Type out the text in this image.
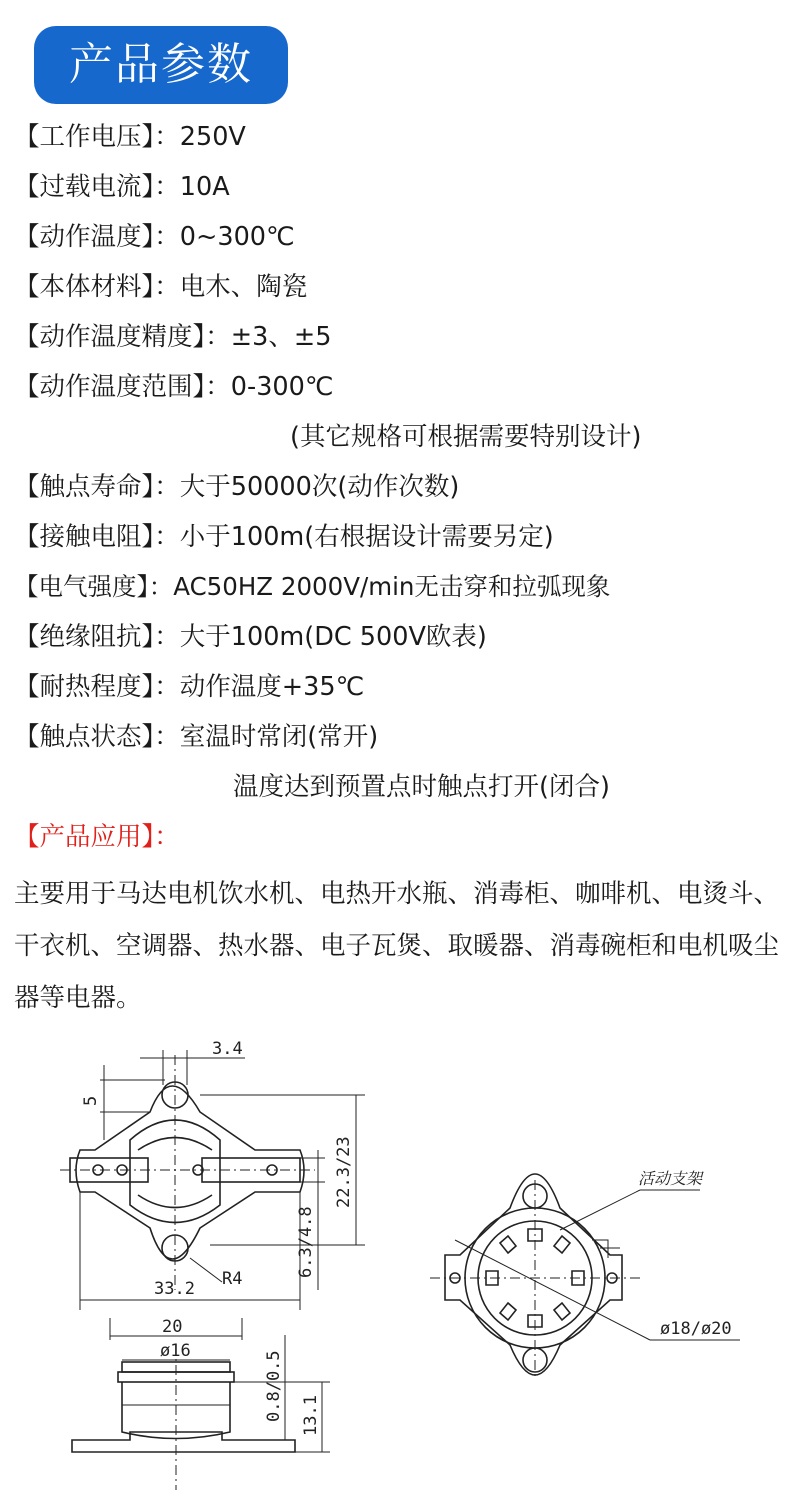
产品参数
【工作电压】：250V
【过载电流】：10A
【动作温度】：0~300℃
【本体材料】：电木、陶瓷
【动作温度精度】：±3、±5
【动作温度范围】：0-300℃
(其它规格可根据需要特别设计)
【触点寿命】：大于50000次(动作次数)
【接触电阻】：小于100m(右根据设计需要另定)
【电气强度】：AC50HZ 2000V/min无击穿和拉弧现象
【绝缘阻抗】：大于100m(DC 500V欧表)
【耐热程度】：动作温度+35℃
【触点状态】：室温时常闭(常开)
温度达到预置点时触点打开(闭合)
【产品应用】：
主要用于马达电机饮水机、电热开水瓶、消毒柜、咖啡机、电烫斗、干衣机、空调器、热水器、电子瓦煲、取暖器、消毒碗柜和电机吸尘器等电器。
3.4
5
22.3/23
6.3/4.8
R4
33.2
20
ø16	0.8/0.5 13.1
活动支架
ø18/ø20
